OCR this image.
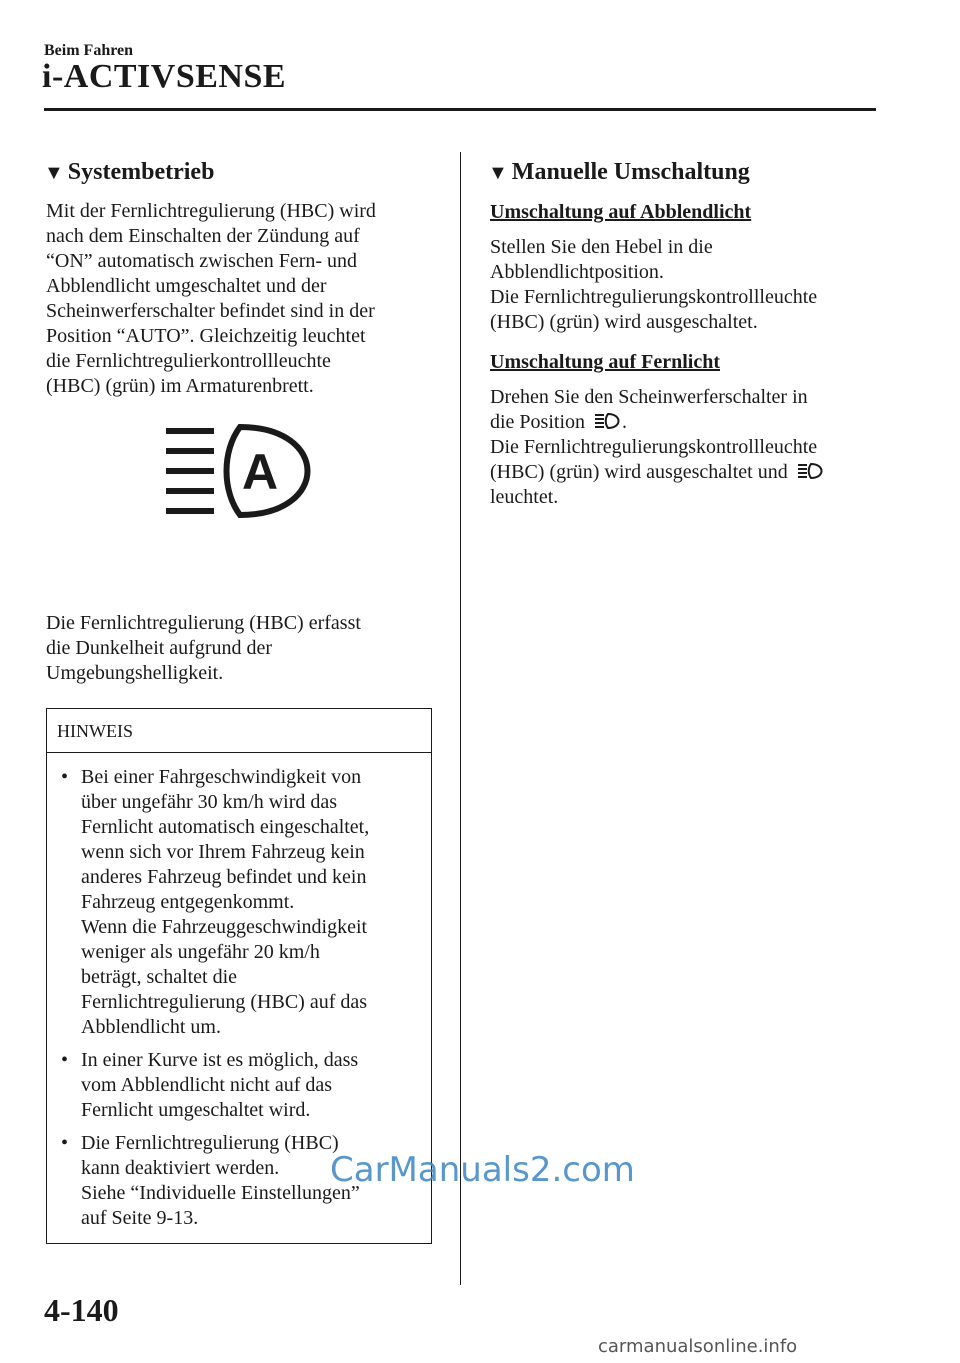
Beim Fahren
i-ACTIVSENSE
▼ Systembetrieb

Mit der Fernlichtregulierung (HBC) wird
nach dem Einschalten der Zündung auf
“ON” automatisch zwischen Fern- und
Abblendlicht umgeschaltet und der
Scheinwerferschalter befindet sind in der
Position “AUTO”. Gleichzeitig leuchtet
die Fernlichtregulierkontrollleuchte
(HBC) (grün) im Armaturenbrett.

A

Die Fernlichtregulierung (HBC) erfasst
die Dunkelheit aufgrund der
Umgebungshelligkeit.

HINWEIS
• Bei einer Fahrgeschwindigkeit von
über ungefähr 30 km/h wird das
Fernlicht automatisch eingeschaltet,
wenn sich vor Ihrem Fahrzeug kein
anderes Fahrzeug befindet und kein
Fahrzeug entgegenkommt.
Wenn die Fahrzeuggeschwindigkeit
weniger als ungefähr 20 km/h
beträgt, schaltet die
Fernlichtregulierung (HBC) auf das
Abblendlicht um.
• In einer Kurve ist es möglich, dass
vom Abblendlicht nicht auf das
Fernlicht umgeschaltet wird.
• Die Fernlichtregulierung (HBC)
kann deaktiviert werden.
Siehe “Individuelle Einstellungen”
auf Seite 9-13.
▼ Manuelle Umschaltung
Umschaltung auf Abblendlicht

Stellen Sie den Hebel in die
Abblendlichtposition.
Die Fernlichtregulierungskontrollleuchte
(HBC) (grün) wird ausgeschaltet.

Umschaltung auf Fernlicht

Drehen Sie den Scheinwerferschalter in
die Position .
Die Fernlichtregulierungskontrollleuchte
(HBC) (grün) wird ausgeschaltet und
leuchtet.

CarManuals2.com
4-140
carmanualsonline.info
